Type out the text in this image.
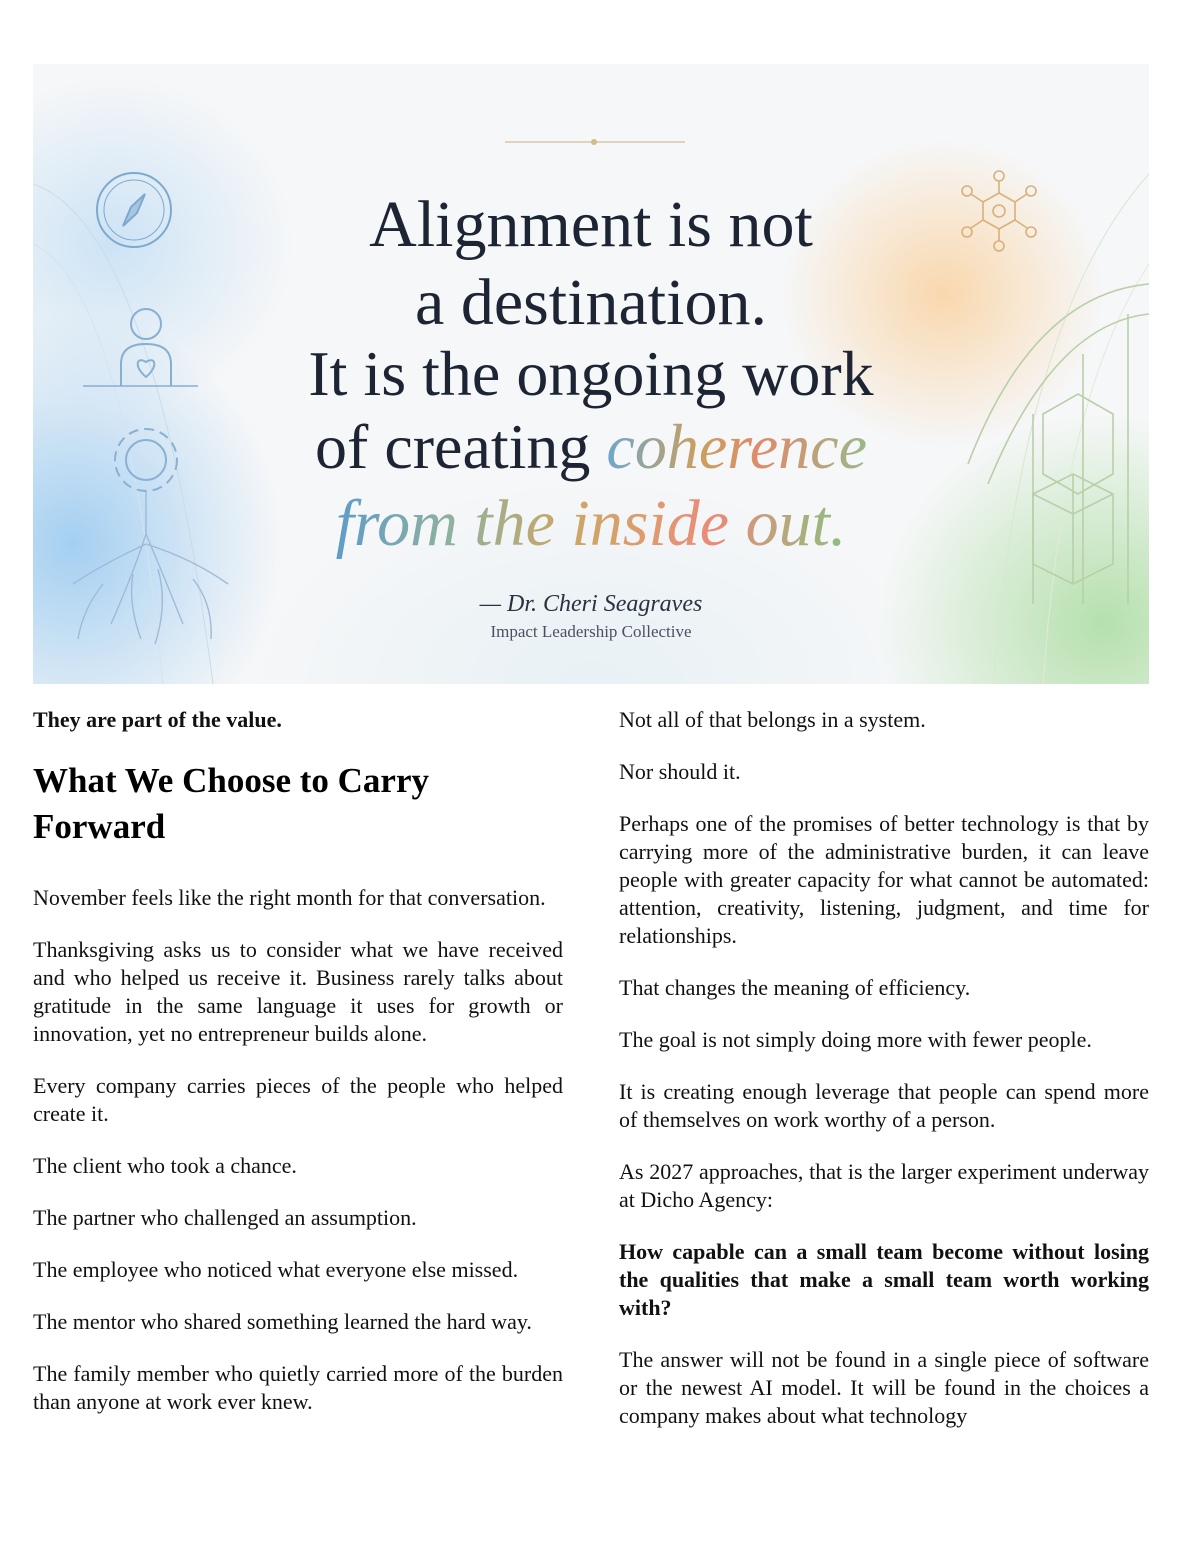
Alignment is not
a destination.
It is the ongoing work
of creating coherence
from the inside out.
— Dr. Cheri Seagraves
Impact Leadership Collective

They are part of the value.

What We Choose to Carry Forward

November feels like the right month for that conversation.

Thanksgiving asks us to consider what we have received and who helped us receive it. Business rarely talks about gratitude in the same language it uses for growth or innovation, yet no entrepreneur builds alone.

Every company carries pieces of the people who helped create it.

The client who took a chance.

The partner who challenged an assumption.

The employee who noticed what everyone else missed.

The mentor who shared something learned the hard way.

The family member who quietly carried more of the burden than anyone at work ever knew.

Not all of that belongs in a system.

Nor should it.

Perhaps one of the promises of better technology is that by carrying more of the administrative burden, it can leave people with greater capacity for what cannot be automated: attention, creativity, listening, judgment, and time for relationships.

That changes the meaning of efficiency.

The goal is not simply doing more with fewer people.

It is creating enough leverage that people can spend more of themselves on work worthy of a person.

As 2027 approaches, that is the larger experiment underway at Dicho Agency:

How capable can a small team become without losing the qualities that make a small team worth working with?

The answer will not be found in a single piece of software or the newest AI model. It will be found in the choices a company makes about what technology
